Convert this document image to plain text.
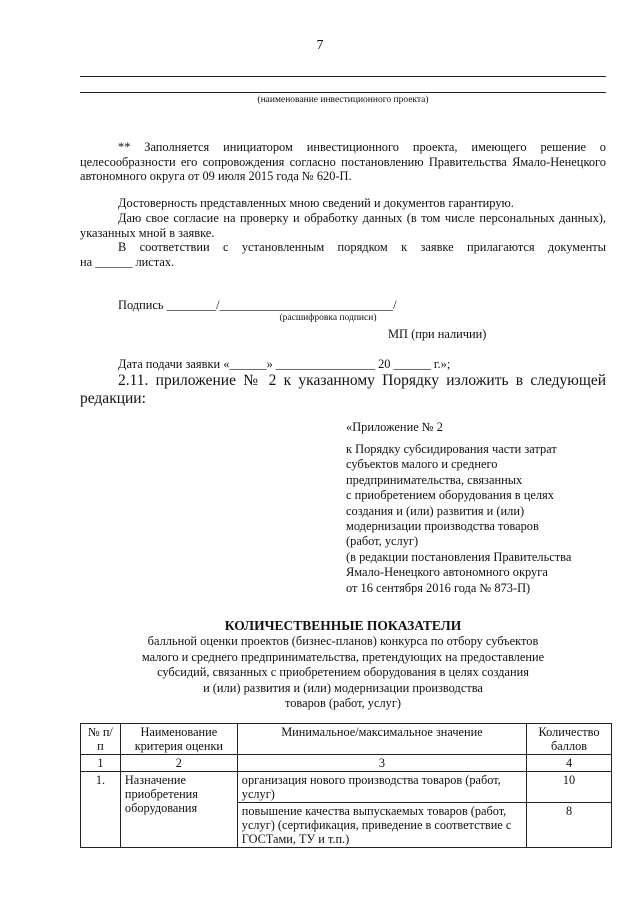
7
(наименование инвестиционного проекта)
** Заполняется инициатором инвестиционного проекта, имеющего решение о целесообразности его сопровождения согласно постановлению Правительства Ямало-Ненецкого автономного округа от 09 июля 2015 года № 620-П.
Достоверность представленных мною сведений и документов гарантирую.
Даю свое согласие на проверку и обработку данных (в том числе персональных данных), указанных мной в заявке.
В соответствии с установленным порядком к заявке прилагаются документы
на ______ листах.
Подпись ________/____________________________/
(расшифровка подписи)
МП (при наличии)
Дата подачи заявки «______» ________________ 20 ______ г.»;
2.11. приложение № 2 к указанному Порядку изложить в следующей
редакции:
«Приложение № 2
к Порядку субсидирования части затрат
субъектов малого и среднего
предпринимательства, связанных
с приобретением оборудования в целях
создания и (или) развития и (или)
модернизации производства товаров
(работ, услуг)
(в редакции постановления Правительства
Ямало-Ненецкого автономного округа
от 16 сентября 2016 года № 873-П)
КОЛИЧЕСТВЕННЫЕ ПОКАЗАТЕЛИ
балльной оценки проектов (бизнес-планов) конкурса по отбору субъектов
малого и среднего предпринимательства, претендующих на предоставление
субсидий, связанных с приобретением оборудования в целях создания
и (или) развития и (или) модернизации производства
товаров (работ, услуг)
№ п/п	Наименование критерия оценки	Минимальное/максимальное значение	Количество баллов
1	2	3	4
1.	Назначение приобретения оборудования	организация нового производства товаров (работ, услуг)	10
		повышение качества выпускаемых товаров (работ, услуг) (сертификация, приведение в соответствие с ГОСТами, ТУ и т.п.)	8
